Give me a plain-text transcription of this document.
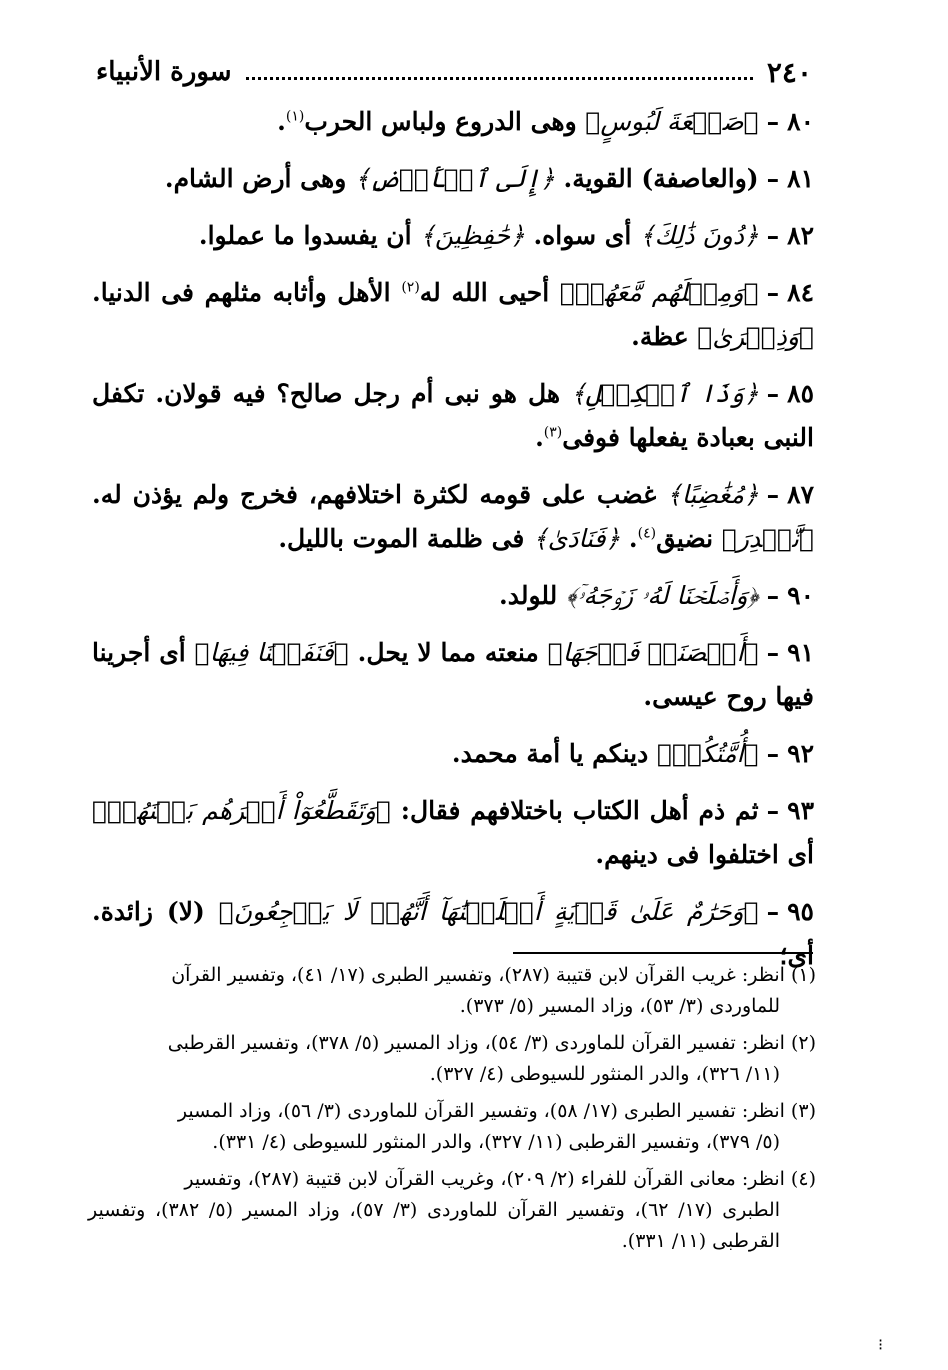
٢٤٠
سورة الأنبياء
٨٠–﴿صَنۡعَةَ لَبُوسٍ﴾ وهى الدروع ولباس الحرب$^{(١)}$.
٨١–(والعاصفة) القوية. ﴿إِلَى ٱلۡأَرۡضِ﴾ وهى أرض الشام.
٨٢–﴿دُونَ ذَٰلِكَ﴾ أى سواه. ﴿حَٰفِظِينَ﴾ أن يفسدوا ما عملوا.
٨٤–﴿وَمِثۡلَهُم مَّعَهُمۡ﴾ أحيى الله له$^{(٢)}$ الأهل وأثابه مثلهم فى الدنيا. ﴿وَذِكۡرَىٰ﴾ عظة.
٨٥–﴿وَذَا ٱلۡكِفۡلِ﴾ هل هو نبى أم رجل صالح؟ فيه قولان. تكفل النبى بعبادة يفعلها فوفى$^{(٣)}$.
٨٧–﴿مُغَٰضِبًا﴾ غضب على قومه لكثرة اختلافهم، فخرج ولم يؤذن له. ﴿نَّقۡدِرَ﴾ نضيق$^{(٤)}$. ﴿فَنَادَىٰ﴾ فى ظلمة الموت بالليل.
٩٠–﴿وَأَصۡلَحۡنَا لَهُۥ زَوۡجَهُۥٓ﴾ للولد.
٩١–﴿أَحۡصَنَتۡ فَرۡجَهَا﴾ منعته مما لا يحل. ﴿فَنَفَخۡنَا فِيهَا﴾ أى أجرينا فيها روح عيسى.
٩٢–﴿أُمَّتُكُمۡ﴾ دينكم يا أمة محمد.
٩٣–ثم ذم أهل الكتاب باختلافهم فقال: ﴿وَتَقَطَّعُوٓاْ أَمۡرَهُم بَيۡنَهُمۡ﴾ أى اختلفوا فى دينهم.
٩٥–﴿وَحَرَٰمٌ عَلَىٰ قَرۡيَةٍ أَهۡلَكۡنَٰهَآ أَنَّهُمۡ لَا يَرۡجِعُونَ﴾ (لا) زائدة. أى؛
(١) انظر: غريب القرآن لابن قتيبة (٢٨٧)، وتفسير الطبرى (١٧/ ٤١)، وتفسير القرآن
للماوردى (٣/ ٥٣)، وزاد المسير (٥/ ٣٧٣).
(٢) انظر: تفسير القرآن للماوردى (٣/ ٥٤)، وزاد المسير (٥/ ٣٧٨)، وتفسير القرطبى
(١١/ ٣٢٦)، والدر المنثور للسيوطى (٤/ ٣٢٧).
(٣) انظر: تفسير الطبرى (١٧/ ٥٨)، وتفسير القرآن للماوردى (٣/ ٥٦)، وزاد المسير
(٥/ ٣٧٩)، وتفسير القرطبى (١١/ ٣٢٧)، والدر المنثور للسيوطى (٤/ ٣٣١).
(٤) انظر: معانى القرآن للفراء (٢/ ٢٠٩)، وغريب القرآن لابن قتيبة (٢٨٧)، وتفسير
الطبرى (١٧/ ٦٢)، وتفسير القرآن للماوردى (٣/ ٥٧)، وزاد المسير (٥/ ٣٨٢)، وتفسير القرطبى (١١/ ٣٣١).
⁝
